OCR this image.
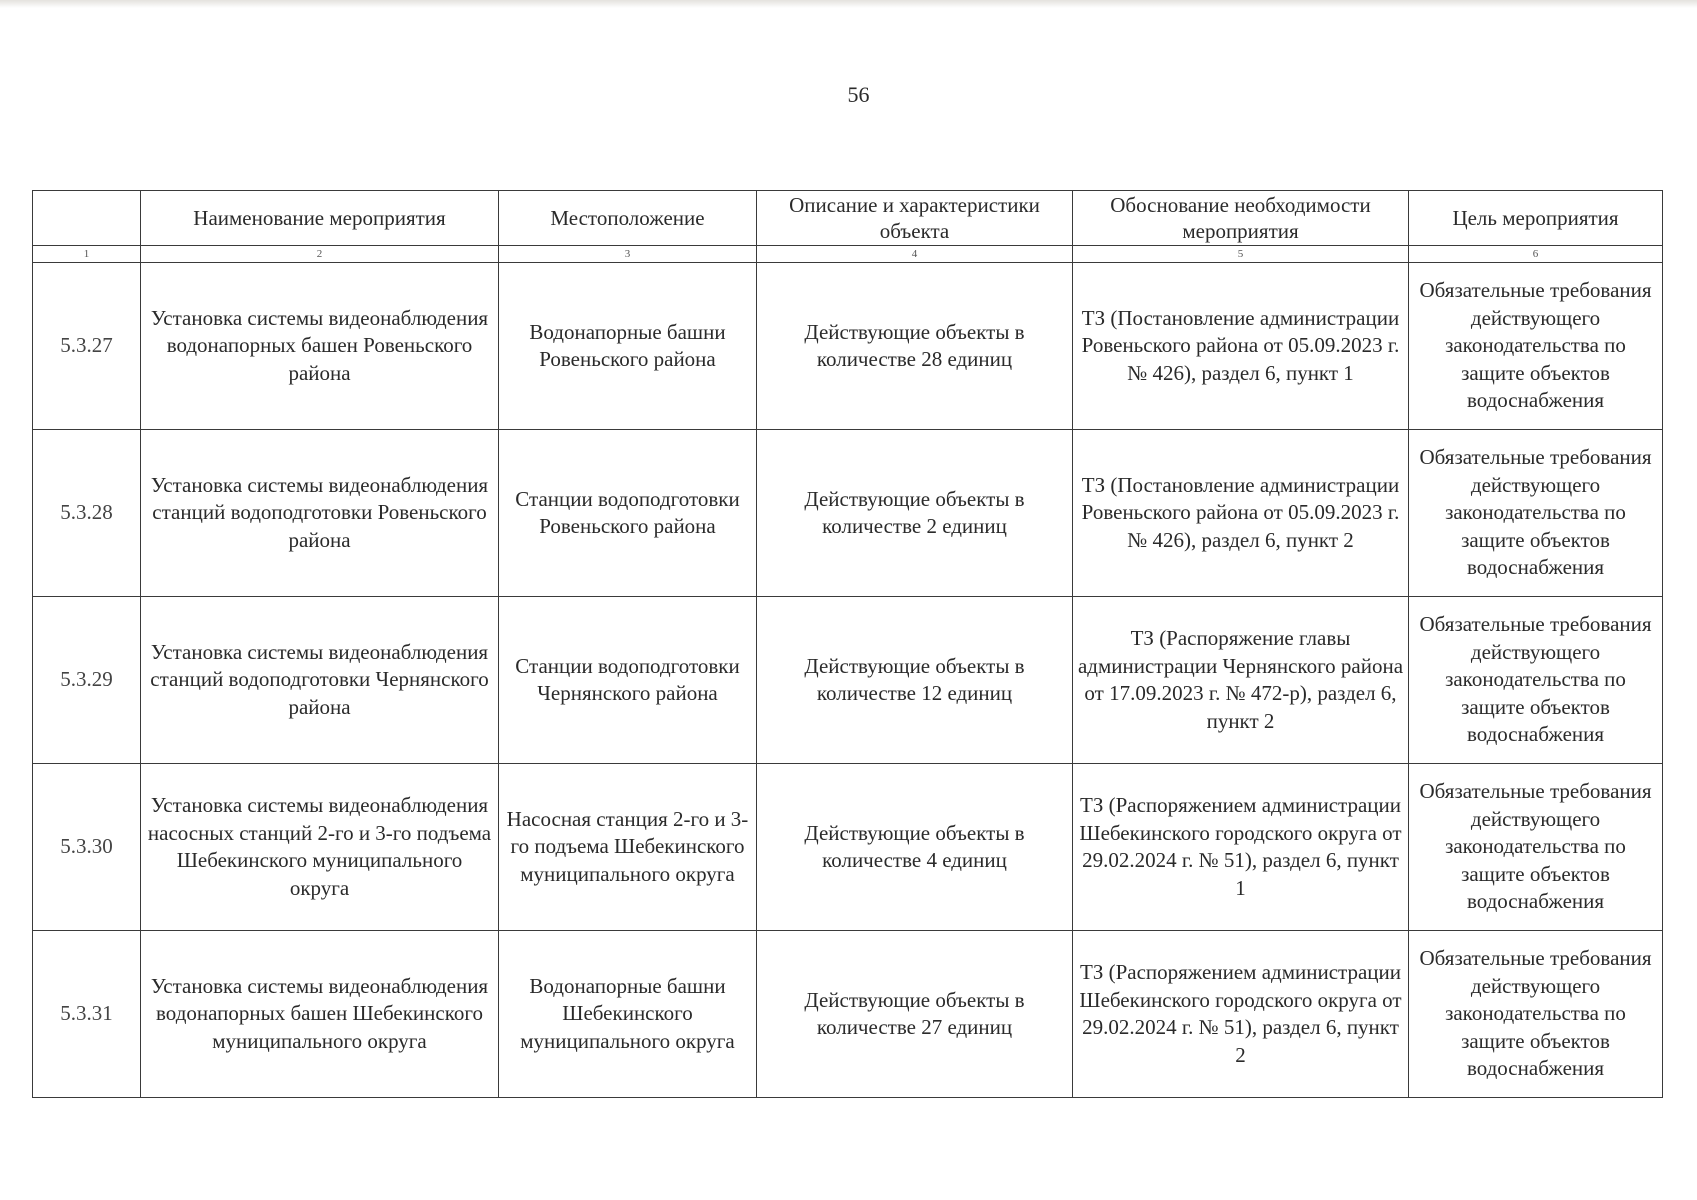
56
	Наименование мероприятия	Местоположение	Описание и характеристики объекта	Обоснование необходимости мероприятия	Цель мероприятия
1	2	3	4	5	6
5.3.27	Установка системы видеонаблюдения водонапорных башен Ровеньского района	Водонапорные башни Ровеньского района	Действующие объекты в количестве 28 единиц	ТЗ (Постановление администрации Ровеньского района от 05.09.2023 г. № 426), раздел 6, пункт 1	Обязательные требования действующего законодательства по защите объектов водоснабжения
5.3.28	Установка системы видеонаблюдения станций водоподготовки Ровеньского района	Станции водоподготовки Ровеньского района	Действующие объекты в количестве 2 единиц	ТЗ (Постановление администрации Ровеньского района от 05.09.2023 г. № 426), раздел 6, пункт 2	Обязательные требования действующего законодательства по защите объектов водоснабжения
5.3.29	Установка системы видеонаблюдения станций водоподготовки Чернянского района	Станции водоподготовки Чернянского района	Действующие объекты в количестве 12 единиц	ТЗ (Распоряжение главы администрации Чернянского района от 17.09.2023 г. № 472-р), раздел 6, пункт 2	Обязательные требования действующего законодательства по защите объектов водоснабжения
5.3.30	Установка системы видеонаблюдения насосных станций 2-го и 3-го подъема Шебекинского муниципального округа	Насосная станция 2-го и 3-го подъема Шебекинского муниципального округа	Действующие объекты в количестве 4 единиц	ТЗ (Распоряжением администрации Шебекинского городского округа от 29.02.2024 г. № 51), раздел 6, пункт 1	Обязательные требования действующего законодательства по защите объектов водоснабжения
5.3.31	Установка системы видеонаблюдения водонапорных башен Шебекинского муниципального округа	Водонапорные башни Шебекинского муниципального округа	Действующие объекты в количестве 27 единиц	ТЗ (Распоряжением администрации Шебекинского городского округа от 29.02.2024 г. № 51), раздел 6, пункт 2	Обязательные требования действующего законодательства по защите объектов водоснабжения
